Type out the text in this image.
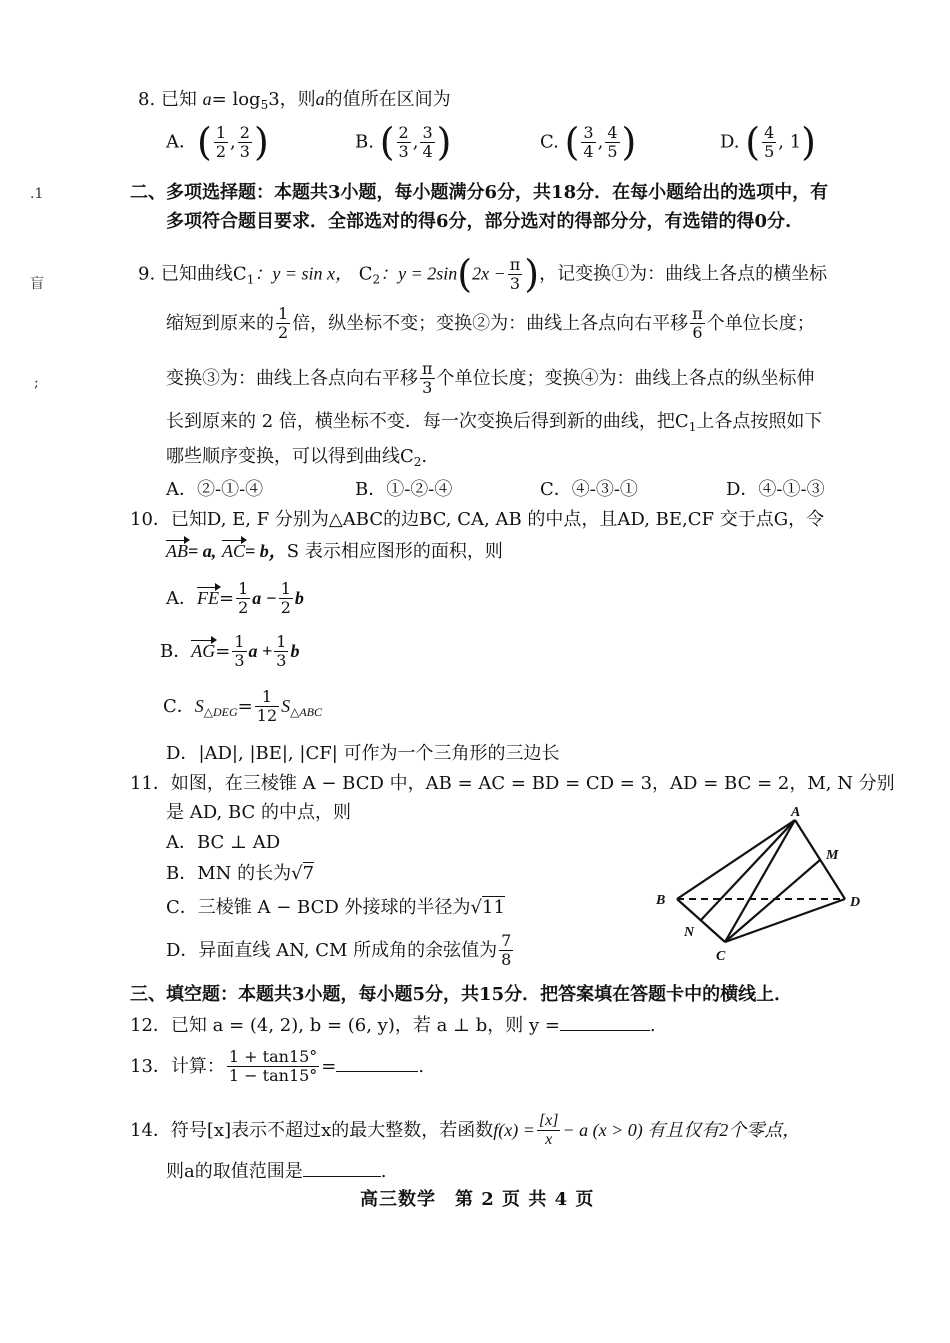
.1
盲
;
8. 已知 $a= \log_53$，则a的值所在区间为
A．( $\frac{1}{2}$ , $\frac{2}{3}$ )	B. ( $\frac{2}{3}$ , $\frac{3}{4}$ )	C. ( $\frac{3}{4}$ , $\frac{4}{5}$ )	D. ( $\frac{4}{5}$ , 1)
二、多项选择题：本题共3小题，每小题满分6分，共18分．在每小题给出的选项中，有
多项符合题目要求．全部选对的得6分，部分选对的得部分分，有选错的得0分.
9. 已知曲线$C_1$：y = sin x， $C_2$：$y = 2\sin(2x - \frac{\pi}{3}$ )，记变换①为：曲线上各点的横坐标
缩短到原来的 $\frac{1}{2}$ 倍，纵坐标不变；变换②为：曲线上各点向右平移 $\frac{\pi}{6}$ 个单位长度；
变换③为：曲线上各点向右平移 $\frac{\pi}{3}$ 个单位长度；变换④为：曲线上各点的纵坐标伸
长到原来的 2 倍，横坐标不变．每一次变换后得到新的曲线，把$C_1$上各点按照如下
哪些顺序变换，可以得到曲线$C_2$.
A．②-①-④	B．①-②-④	C．④-③-①	D．④-①-③
10．已知D, E, F 分别为△ABC的边BC, CA, AB 的中点，且AD, BE,CF 交于点G，令
AB= a, AC= b，S 表示相应图形的面积，则
A．$FE= \frac{1}{2}$ $a - \frac{1}{2}$ b
B．$AG= \frac{1}{3}$ $a + \frac{1}{3}$ b
C．$S_{\triangle DEG}= \frac{1}{12} S_{\triangle ABC}$
D．|AD|, |BE|, |CF| 可作为一个三角形的三边长
11．如图，在三棱锥 A − BCD 中，AB = AC = BD = CD = 3，AD = BC = 2，M, N 分别
是 AD, BC 的中点，则
A．BC ⊥ AD
B．MN 的长为√7
C．三棱锥 A − BCD 外接球的半径为√11
D．异面直线 AN, CM 所成角的余弦值为 $\frac{7}{8}$
A
B
C
D
M
N
三、填空题：本题共3小题，每小题5分，共15分．把答案填在答题卡中的横线上．
12．已知 a = (4, 2), b = (6, y)，若 a ⊥ b，则 y =	.
13．计算： $\frac{1 + \tan 15^\circ}{1 - \tan 15^\circ}$ =	.
14．符号[x]表示不超过x的最大整数，若函数$f(x) = \frac{[x]}{x} - a$ (x > 0) 有且仅有2个零点，
则a的取值范围是	.
高三数学　第 2 页 共 4 页
